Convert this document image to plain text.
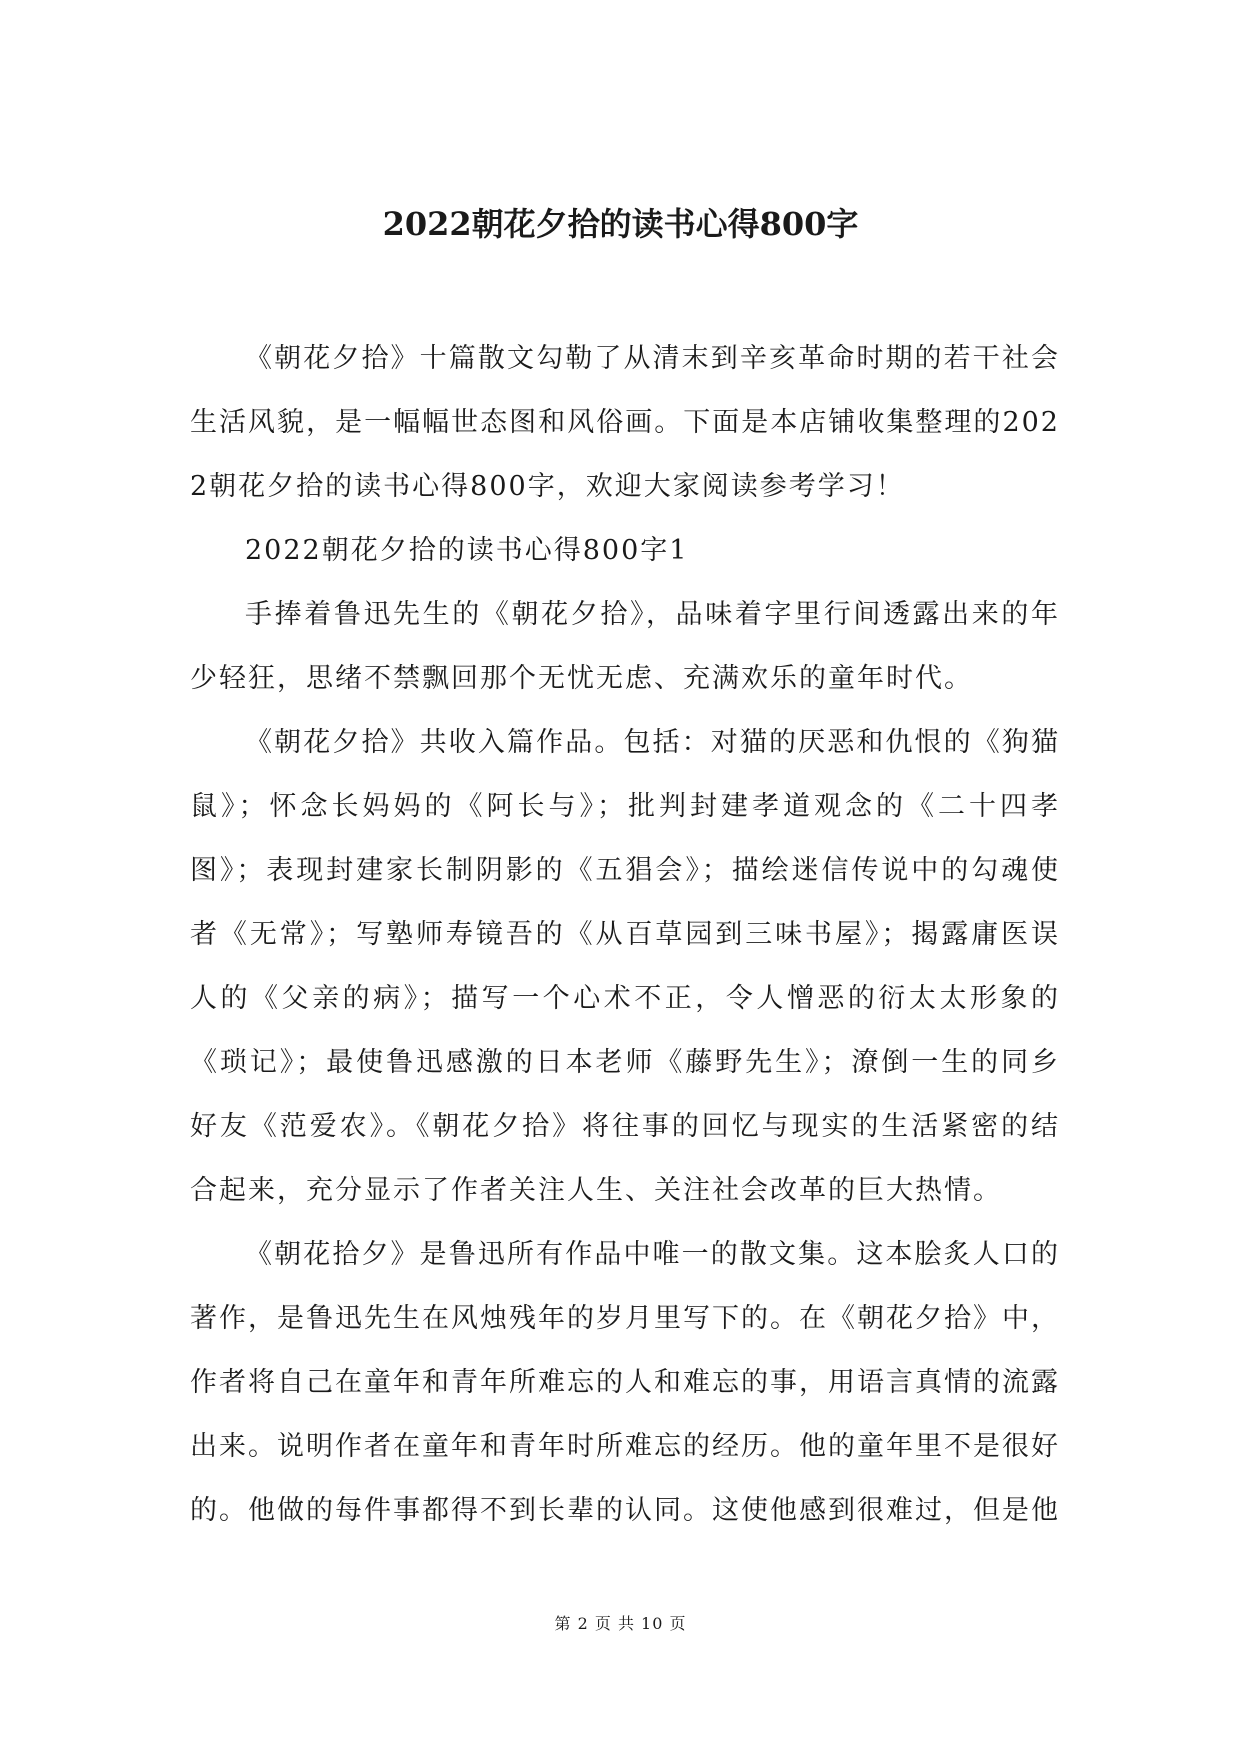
2022朝花夕拾的读书心得800字

《朝花夕拾》十篇散文勾勒了从清末到辛亥革命时期的若干社会生活风貌，是一幅幅世态图和风俗画。下面是本店铺收集整理的2022朝花夕拾的读书心得800字，欢迎大家阅读参考学习！

2022朝花夕拾的读书心得800字1

手捧着鲁迅先生的《朝花夕拾》，品味着字里行间透露出来的年少轻狂，思绪不禁飘回那个无忧无虑、充满欢乐的童年时代。

《朝花夕拾》共收入篇作品。包括：对猫的厌恶和仇恨的《狗猫鼠》；怀念长妈妈的《阿长与》；批判封建孝道观念的《二十四孝图》；表现封建家长制阴影的《五猖会》；描绘迷信传说中的勾魂使者《无常》；写塾师寿镜吾的《从百草园到三味书屋》；揭露庸医误人的《父亲的病》；描写一个心术不正，令人憎恶的衍太太形象的《琐记》；最使鲁迅感激的日本老师《藤野先生》；潦倒一生的同乡好友《范爱农》。《朝花夕拾》将往事的回忆与现实的生活紧密的结合起来，充分显示了作者关注人生、关注社会改革的巨大热情。

《朝花拾夕》是鲁迅所有作品中唯一的散文集。这本脍炙人口的著作，是鲁迅先生在风烛残年的岁月里写下的。在《朝花夕拾》中，作者将自己在童年和青年所难忘的人和难忘的事，用语言真情的流露出来。说明作者在童年和青年时所难忘的经历。他的童年里不是很好的。他做的每件事都得不到长辈的认同。这使他感到很难过，但是他

第 2 页 共 10 页
